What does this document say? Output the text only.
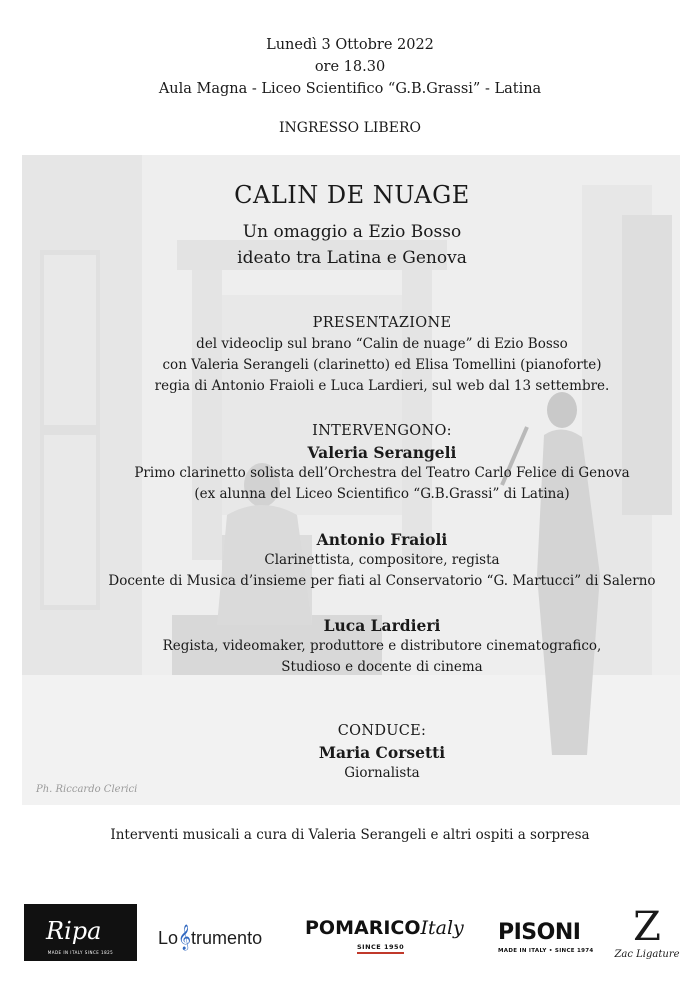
Lunedì 3 Ottobre 2022
ore 18.30
Aula Magna - Liceo Scientifico “G.B.Grassi” - Latina
INGRESSO LIBERO
CALIN DE NUAGE
Un omaggio a Ezio Bosso
ideato tra Latina e Genova
PRESENTAZIONE
del videoclip sul brano “Calin de nuage” di Ezio Bosso
con Valeria Serangeli (clarinetto) ed Elisa Tomellini (pianoforte)
regia di Antonio Fraioli e Luca Lardieri, sul web dal 13 settembre.
INTERVENGONO:
Valeria Serangeli
Primo clarinetto solista dell’Orchestra del Teatro Carlo Felice di Genova
(ex alunna del Liceo Scientifico “G.B.Grassi” di Latina)
Antonio Fraioli
Clarinettista, compositore, regista
Docente di Musica d’insieme per fiati al Conservatorio “G. Martucci” di Salerno
Luca Lardieri
Regista, videomaker, produttore e distributore cinematografico,
Studioso e docente di cinema
CONDUCE:
Maria Corsetti
Giornalista
Ph. Riccardo Clerici
Interventi musicali a cura di Valeria Serangeli e altri ospiti a sorpresa
Ripa
MADE IN ITALY SINCE 1825
Lo𝄞trumento POMARICOItaly
SINCE 1950
PISONI
MADE IN ITALY • SINCE 1974
Z
Zac Ligature
